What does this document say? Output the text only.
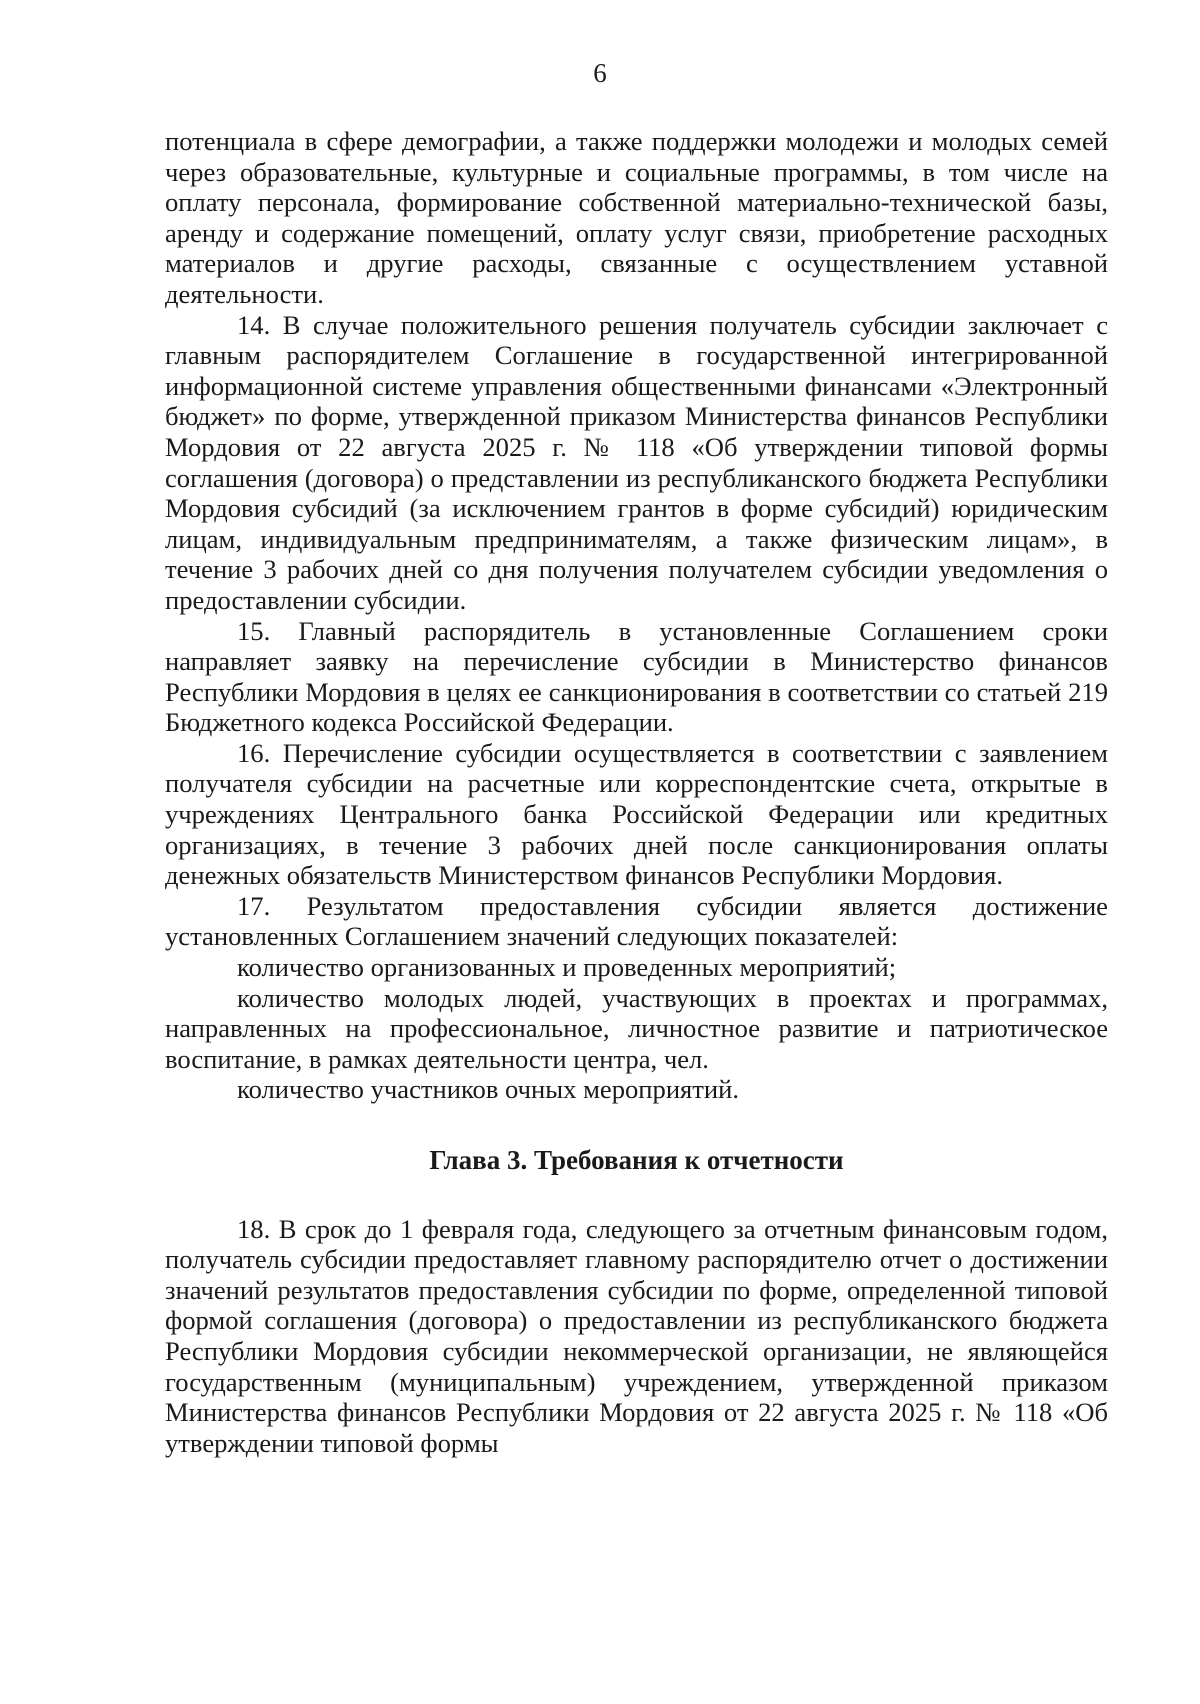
6

потенциала в сфере демографии, а также поддержки молодежи и молодых семей через образовательные, культурные и социальные программы, в том числе на оплату персонала, формирование собственной материально-технической базы, аренду и содержание помещений, оплату услуг связи, приобретение расходных материалов и другие расходы, связанные с осуществлением уставной деятельности.

14. В случае положительного решения получатель субсидии заключает с главным распорядителем Соглашение в государственной интегрированной информационной системе управления общественными финансами «Электронный бюджет» по форме, утвержденной приказом Министерства финансов Республики Мордовия от 22 августа 2025 г. № 118 «Об утверждении типовой формы соглашения (договора) о представлении из республиканского бюджета Республики Мордовия субсидий (за исключением грантов в форме субсидий) юридическим лицам, индивидуальным предпринимателям, а также физическим лицам», в течение 3 рабочих дней со дня получения получателем субсидии уведомления о предоставлении субсидии.

15. Главный распорядитель в установленные Соглашением сроки направляет заявку на перечисление субсидии в Министерство финансов Республики Мордовия в целях ее санкционирования в соответствии со статьей 219 Бюджетного кодекса Российской Федерации.

16. Перечисление субсидии осуществляется в соответствии с заявлением получателя субсидии на расчетные или корреспондентские счета, открытые в учреждениях Центрального банка Российской Федерации или кредитных организациях, в течение 3 рабочих дней после санкционирования оплаты денежных обязательств Министерством финансов Республики Мордовия.

17. Результатом предоставления субсидии является достижение установленных Соглашением значений следующих показателей:

количество организованных и проведенных мероприятий;

количество молодых людей, участвующих в проектах и программах, направленных на профессиональное, личностное развитие и патриотическое воспитание, в рамках деятельности центра, чел.

количество участников очных мероприятий.

Глава 3. Требования к отчетности

18. В срок до 1 февраля года, следующего за отчетным финансовым годом, получатель субсидии предоставляет главному распорядителю отчет о достижении значений результатов предоставления субсидии по форме, определенной типовой формой соглашения (договора) о предоставлении из республиканского бюджета Республики Мордовия субсидии некоммерческой организации, не являющейся государственным (муниципальным) учреждением, утвержденной приказом Министерства финансов Республики Мордовия от 22 августа 2025 г. № 118 «Об утверждении типовой формы
